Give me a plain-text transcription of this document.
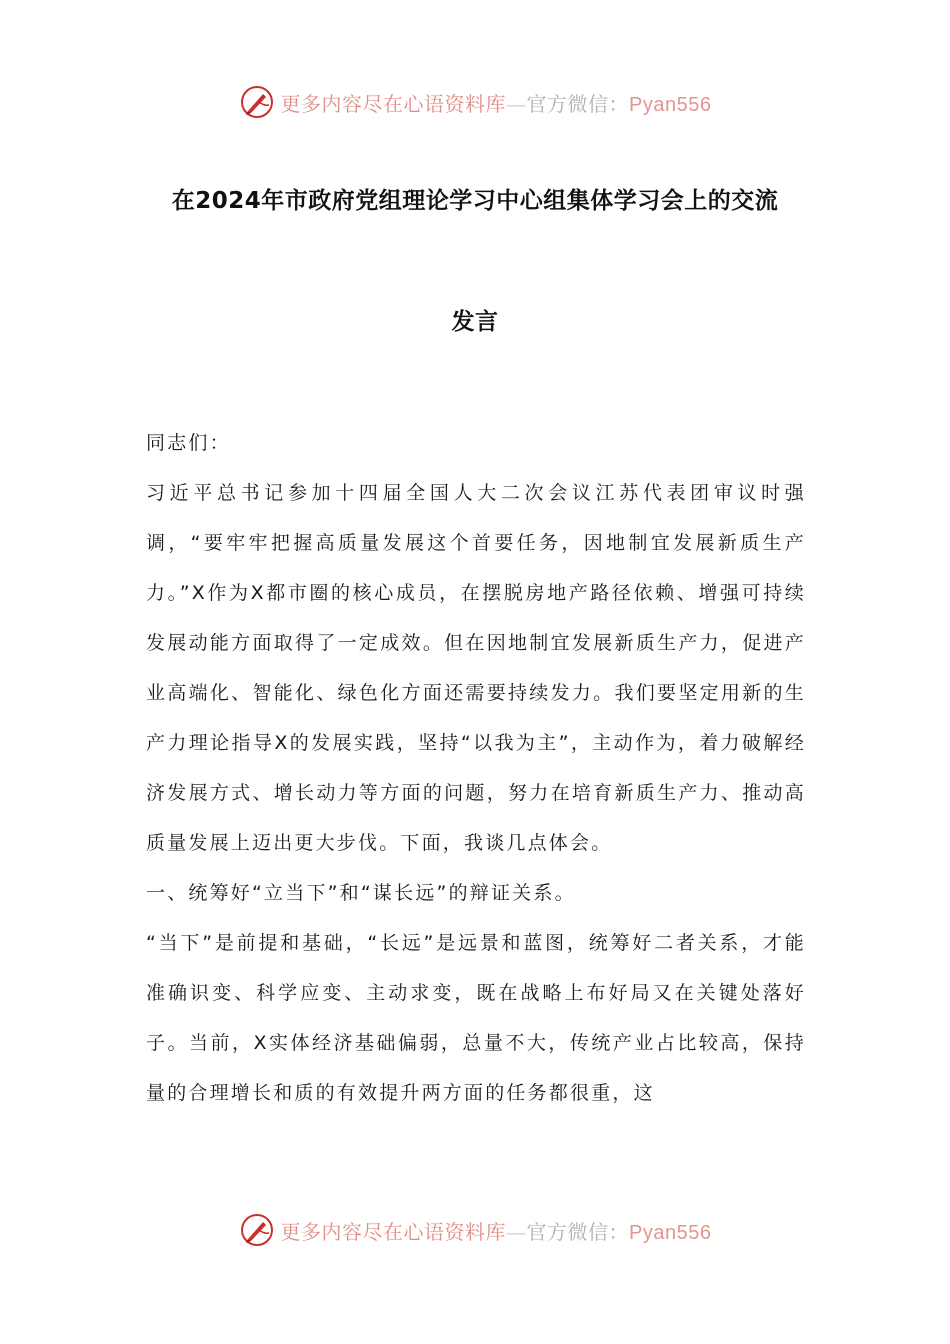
更多内容尽在心语资料库—官方微信：Pyan556
在2024年市政府党组理论学习中心组集体学习会上的交流
发言

同志们：

习近平总书记参加十四届全国人大二次会议江苏代表团审议时强调，“要牢牢把握高质量发展这个首要任务，因地制宜发展新质生产力。”X作为X都市圈的核心成员，在摆脱房地产路径依赖、增强可持续发展动能方面取得了一定成效。但在因地制宜发展新质生产力，促进产业高端化、智能化、绿色化方面还需要持续发力。我们要坚定用新的生产力理论指导X的发展实践，坚持“以我为主”，主动作为，着力破解经济发展方式、增长动力等方面的问题，努力在培育新质生产力、推动高质量发展上迈出更大步伐。下面，我谈几点体会。

一、统筹好“立当下”和“谋长远”的辩证关系。

“当下”是前提和基础，“长远”是远景和蓝图，统筹好二者关系，才能准确识变、科学应变、主动求变，既在战略上布好局又在关键处落好子。当前，X实体经济基础偏弱，总量不大，传统产业占比较高，保持量的合理增长和质的有效提升两方面的任务都很重，这

更多内容尽在心语资料库—官方微信：Pyan556
